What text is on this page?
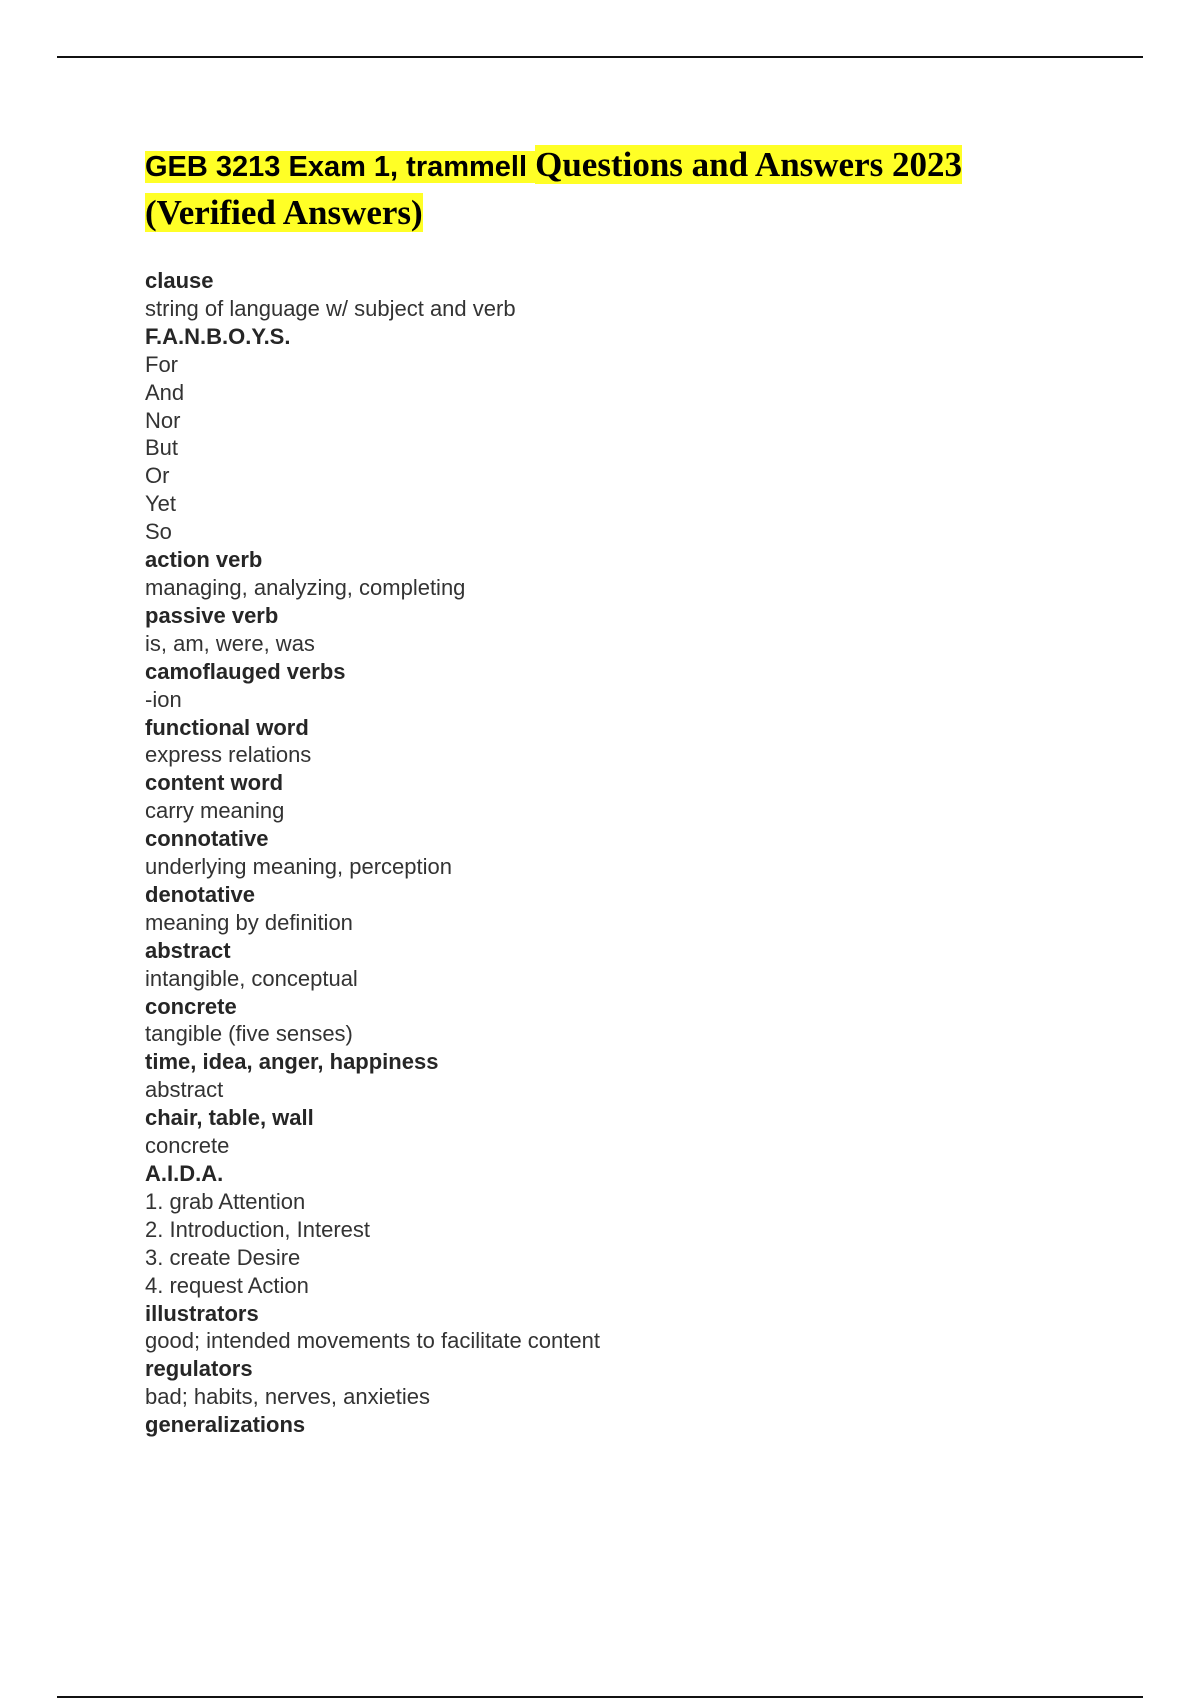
GEB 3213 Exam 1, trammell Questions and Answers 2023 (Verified Answers)
clause
string of language w/ subject and verb
F.A.N.B.O.Y.S.
For
And
Nor
But
Or
Yet
So
action verb
managing, analyzing, completing
passive verb
is, am, were, was
camoflauged verbs
-ion
functional word
express relations
content word
carry meaning
connotative
underlying meaning, perception
denotative
meaning by definition
abstract
intangible, conceptual
concrete
tangible (five senses)
time, idea, anger, happiness
abstract
chair, table, wall
concrete
A.I.D.A.
1. grab Attention
2. Introduction, Interest
3. create Desire
4. request Action
illustrators
good; intended movements to facilitate content
regulators
bad; habits, nerves, anxieties
generalizations
